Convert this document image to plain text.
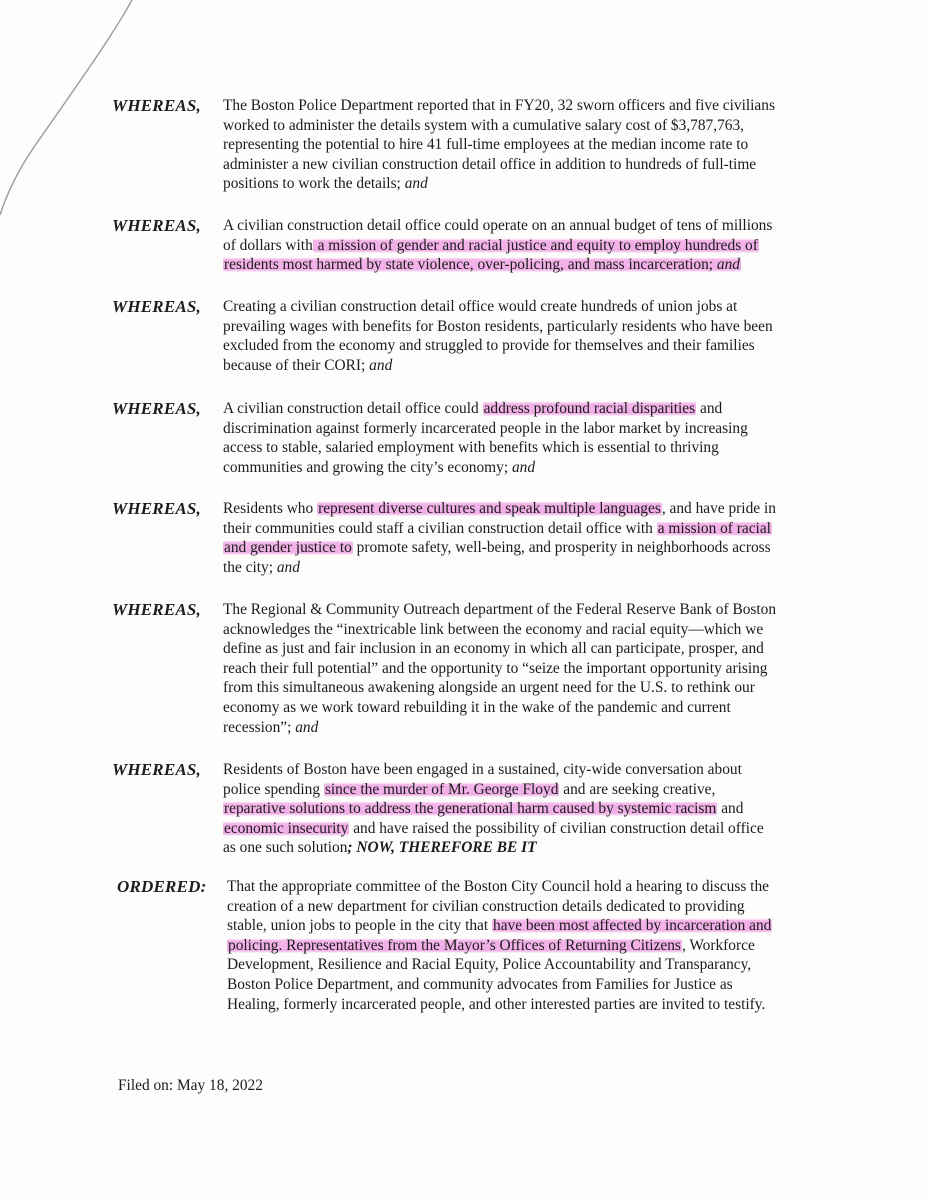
WHEREAS, The Boston Police Department reported that in FY20, 32 sworn officers and five civilians
worked to administer the details system with a cumulative salary cost of $3,787,763,
representing the potential to hire 41 full-time employees at the median income rate to
administer a new civilian construction detail office in addition to hundreds of full-time
positions to work the details; and
WHEREAS, A civilian construction detail office could operate on an annual budget of tens of millions
of dollars with a mission of gender and racial justice and equity to employ hundreds of
residents most harmed by state violence, over-policing, and mass incarceration; and
WHEREAS, Creating a civilian construction detail office would create hundreds of union jobs at
prevailing wages with benefits for Boston residents, particularly residents who have been
excluded from the economy and struggled to provide for themselves and their families
because of their CORI; and
WHEREAS, A civilian construction detail office could address profound racial disparities and
discrimination against formerly incarcerated people in the labor market by increasing
access to stable, salaried employment with benefits which is essential to thriving
communities and growing the city’s economy; and
WHEREAS, Residents who represent diverse cultures and speak multiple languages, and have pride in
their communities could staff a civilian construction detail office with a mission of racial
and gender justice to promote safety, well-being, and prosperity in neighborhoods across
the city; and
WHEREAS, The Regional & Community Outreach department of the Federal Reserve Bank of Boston
acknowledges the “inextricable link between the economy and racial equity—which we
define as just and fair inclusion in an economy in which all can participate, prosper, and
reach their full potential” and the opportunity to “seize the important opportunity arising
from this simultaneous awakening alongside an urgent need for the U.S. to rethink our
economy as we work toward rebuilding it in the wake of the pandemic and current
recession”; and
WHEREAS, Residents of Boston have been engaged in a sustained, city-wide conversation about
police spending since the murder of Mr. George Floyd and are seeking creative,
reparative solutions to address the generational harm caused by systemic racism and
economic insecurity and have raised the possibility of civilian construction detail office
as one such solution; NOW, THEREFORE BE IT
ORDERED: That the appropriate committee of the Boston City Council hold a hearing to discuss the
creation of a new department for civilian construction details dedicated to providing
stable, union jobs to people in the city that have been most affected by incarceration and
policing. Representatives from the Mayor’s Offices of Returning Citizens, Workforce
Development, Resilience and Racial Equity, Police Accountability and Transparancy,
Boston Police Department, and community advocates from Families for Justice as
Healing, formerly incarcerated people, and other interested parties are invited to testify.
Filed on: May 18, 2022
